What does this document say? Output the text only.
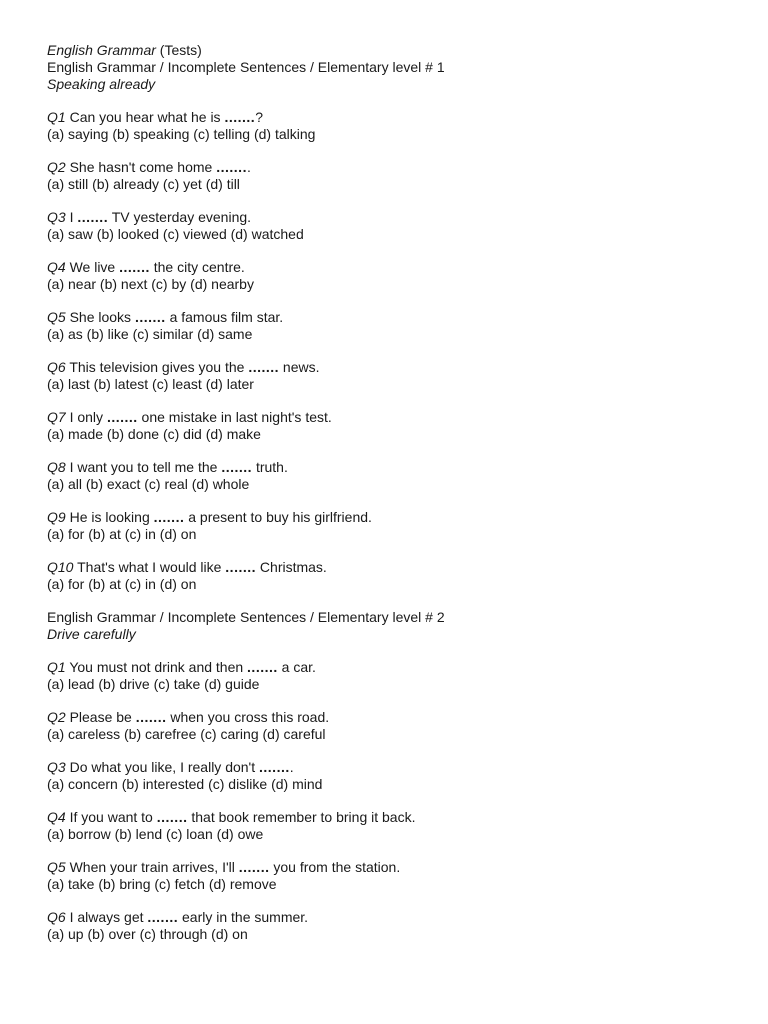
English Grammar (Tests)
English Grammar / Incomplete Sentences / Elementary level # 1
Speaking already
Q1 Can you hear what he is .......?
(a) saying (b) speaking (c) telling (d) talking
Q2 She hasn't come home ........
(a) still (b) already (c) yet (d) till
Q3 I ....... TV yesterday evening.
(a) saw (b) looked (c) viewed (d) watched
Q4 We live ....... the city centre.
(a) near (b) next (c) by (d) nearby
Q5 She looks ....... a famous film star.
(a) as (b) like (c) similar (d) same
Q6 This television gives you the ....... news.
(a) last (b) latest (c) least (d) later
Q7 I only ....... one mistake in last night's test.
(a) made (b) done (c) did (d) make
Q8 I want you to tell me the ....... truth.
(a) all (b) exact (c) real (d) whole
Q9 He is looking ....... a present to buy his girlfriend.
(a) for (b) at (c) in (d) on
Q10 That's what I would like ....... Christmas.
(a) for (b) at (c) in (d) on
English Grammar / Incomplete Sentences / Elementary level # 2
Drive carefully
Q1 You must not drink and then ....... a car.
(a) lead (b) drive (c) take (d) guide
Q2 Please be ....... when you cross this road.
(a) careless (b) carefree (c) caring (d) careful
Q3 Do what you like, I really don't ........
(a) concern (b) interested (c) dislike (d) mind
Q4 If you want to ....... that book remember to bring it back.
(a) borrow (b) lend (c) loan (d) owe
Q5 When your train arrives, I'll ....... you from the station.
(a) take (b) bring (c) fetch (d) remove
Q6 I always get ....... early in the summer.
(a) up (b) over (c) through (d) on
